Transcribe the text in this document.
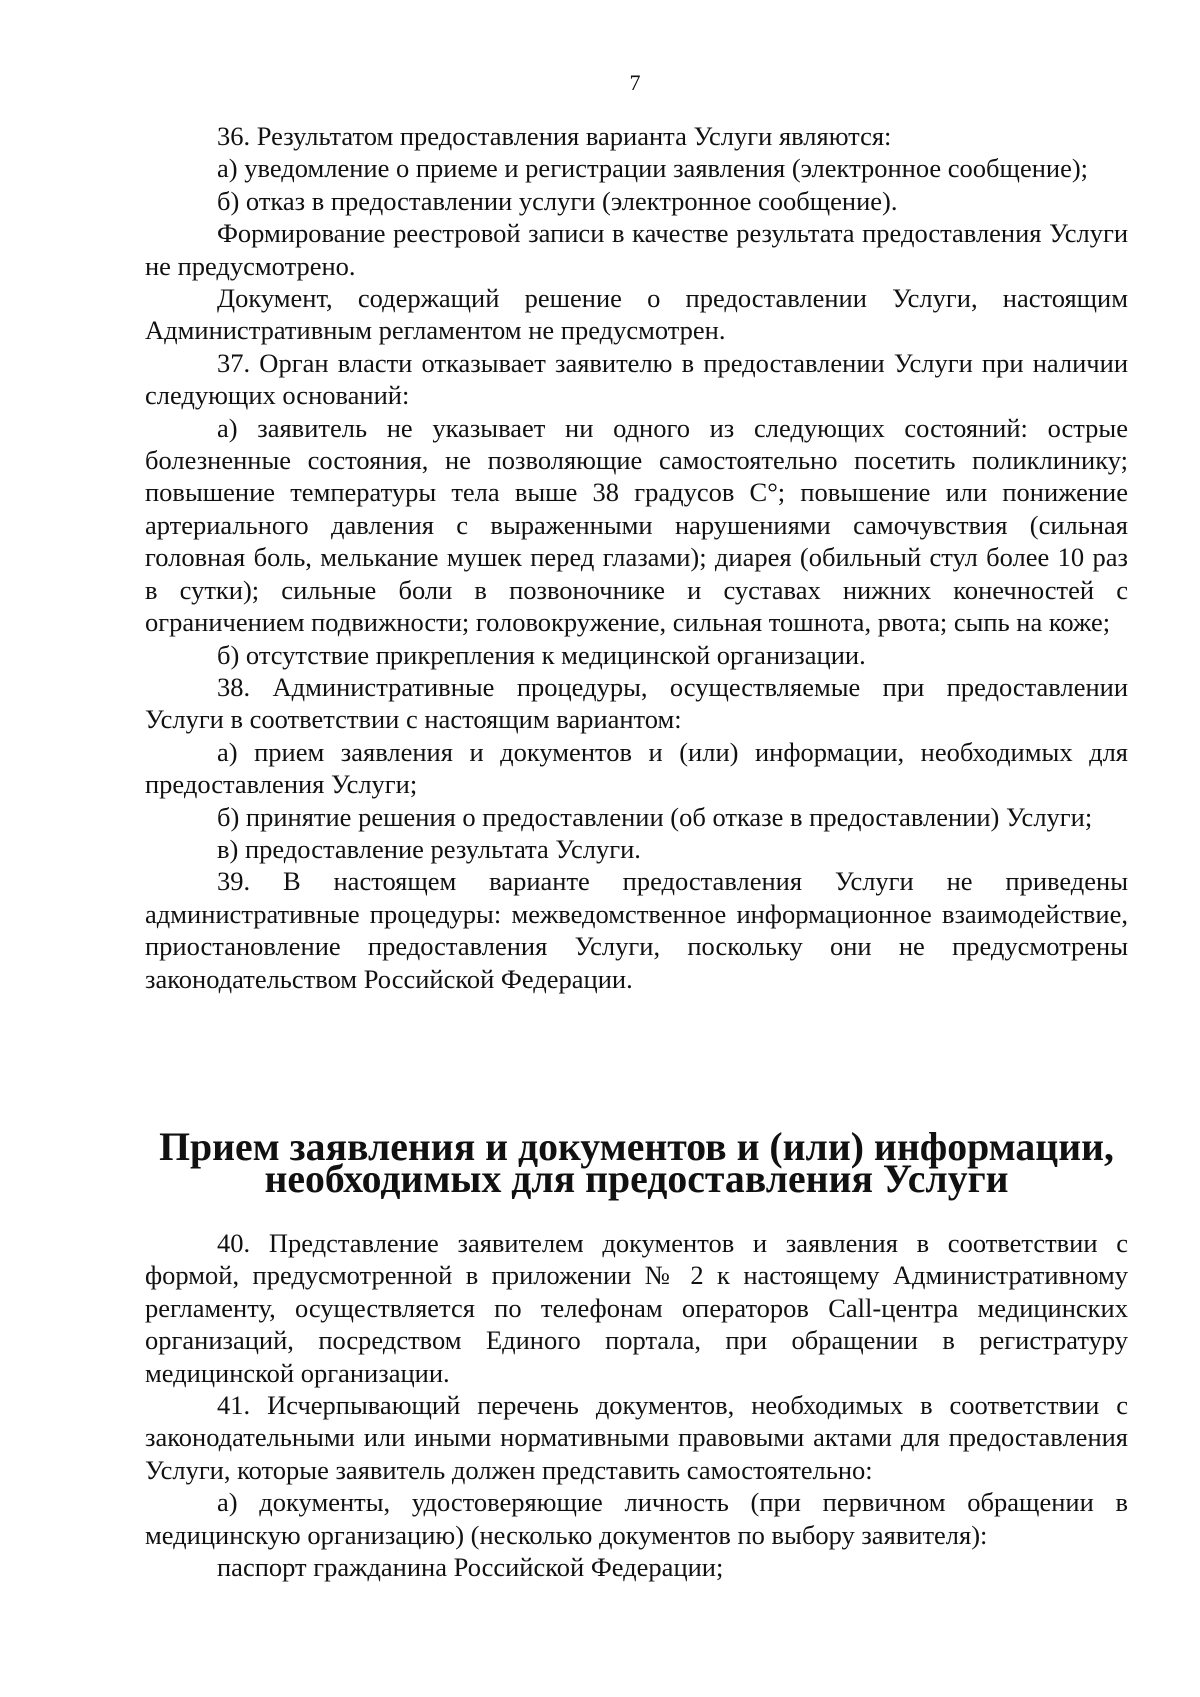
7

36. Результатом предоставления варианта Услуги являются:

а) уведомление о приеме и регистрации заявления (электронное сообщение);

б) отказ в предоставлении услуги (электронное сообщение).

Формирование реестровой записи в качестве результата предоставления Услуги не предусмотрено.

Документ, содержащий решение о предоставлении Услуги, настоящим Административным регламентом не предусмотрен.

37. Орган власти отказывает заявителю в предоставлении Услуги при наличии следующих оснований:

а) заявитель не указывает ни одного из следующих состояний: острые болезненные состояния, не позволяющие самостоятельно посетить поликлинику; повышение температуры тела выше 38 градусов С°; повышение или понижение артериального давления с выраженными нарушениями самочувствия (сильная головная боль, мелькание мушек перед глазами); диарея (обильный стул более 10 раз в сутки); сильные боли в позвоночнике и суставах нижних конечностей с ограничением подвижности; головокружение, сильная тошнота, рвота; сыпь на коже;

б) отсутствие прикрепления к медицинской организации.

38. Административные процедуры, осуществляемые при предоставлении Услуги в соответствии с настоящим вариантом:

а) прием заявления и документов и (или) информации, необходимых для предоставления Услуги;

б) принятие решения о предоставлении (об отказе в предоставлении) Услуги;

в) предоставление результата Услуги.

39. В настоящем варианте предоставления Услуги не приведены административные процедуры: межведомственное информационное взаимодействие, приостановление предоставления Услуги, поскольку они не предусмотрены законодательством Российской Федерации.

Прием заявления и документов и (или) информации, необходимых для предоставления Услуги

40. Представление заявителем документов и заявления в соответствии с формой, предусмотренной в приложении № 2 к настоящему Административному регламенту, осуществляется по телефонам операторов Call-центра медицинских организаций, посредством Единого портала, при обращении в регистратуру медицинской организации.

41. Исчерпывающий перечень документов, необходимых в соответствии с законодательными или иными нормативными правовыми актами для предоставления Услуги, которые заявитель должен представить самостоятельно:

а) документы, удостоверяющие личность (при первичном обращении в медицинскую организацию) (несколько документов по выбору заявителя):

паспорт гражданина Российской Федерации;
